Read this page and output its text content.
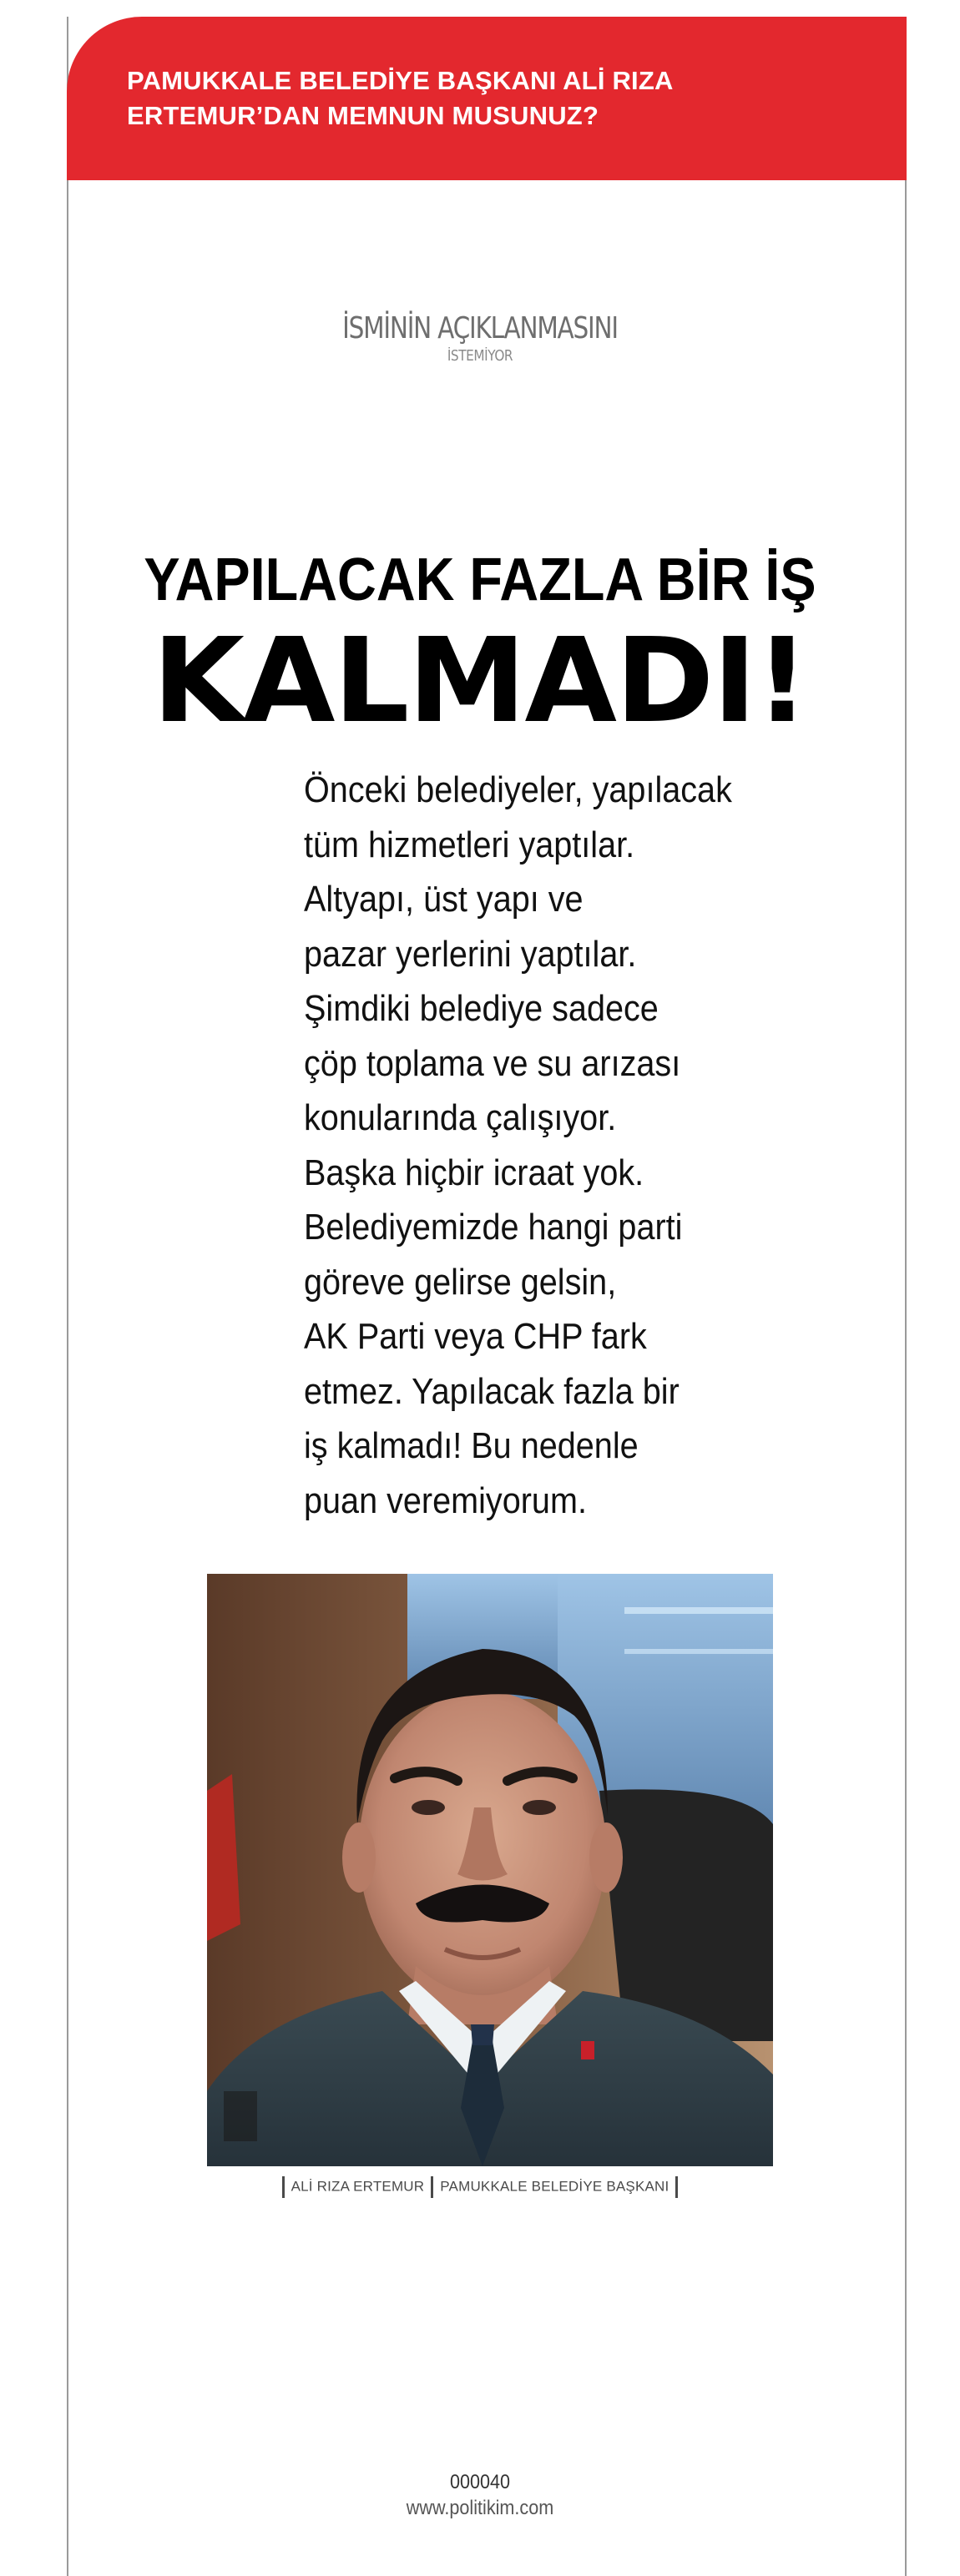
PAMUKKALE BELEDİYE BAŞKANI ALİ RIZA
ERTEMUR’DAN MEMNUN MUSUNUZ?
İSMİNİN AÇIKLANMASINI
İSTEMİYOR
YAPILACAK FAZLA BİR İŞ
KALMADI!

Önceki belediyeler, yapılacak
tüm hizmetleri yaptılar.
Altyapı, üst yapı ve
pazar yerlerini yaptılar.
Şimdiki belediye sadece
çöp toplama ve su arızası
konularında çalışıyor.
Başka hiçbir icraat yok.
Belediyemizde hangi parti
göreve gelirse gelsin,
AK Parti veya CHP fark
etmez. Yapılacak fazla bir
iş kalmadı! Bu nedenle
puan veremiyorum.

ALİ RIZA ERTEMUR PAMUKKALE BELEDİYE BAŞKANI
000040
www.politikim.com
